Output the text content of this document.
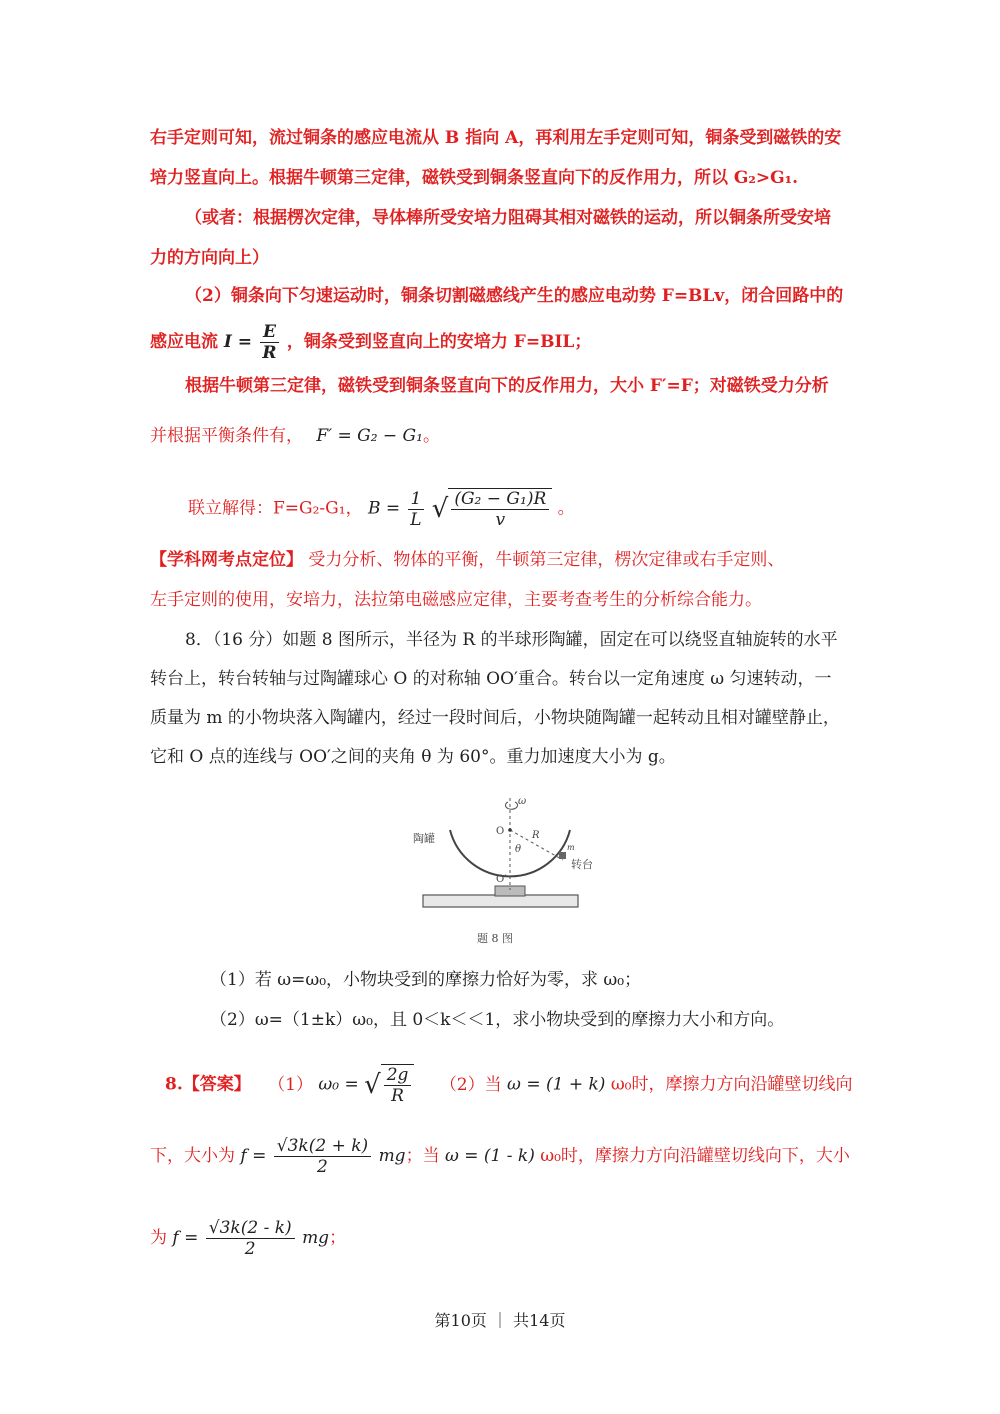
右手定则可知，流过铜条的感应电流从 B 指向 A，再利用左手定则可知，铜条受到磁铁的安
培力竖直向上。根据牛顿第三定律，磁铁受到铜条竖直向下的反作用力，所以 G₂>G₁.
（或者：根据楞次定律，导体棒所受安培力阻碍其相对磁铁的运动，所以铜条所受安培
力的方向向上）
（2）铜条向下匀速运动时，铜条切割磁感线产生的感应电动势 F=BLv，闭合回路中的
感应电流 $I = \frac{E}{R}$ ，铜条受到竖直向上的安培力 F=BIL；
根据牛顿第三定律，磁铁受到铜条竖直向下的反作用力，大小 F′=F；对磁铁受力分析
并根据平衡条件有， F′ = G₂ − G₁。
联立解得：F=G₂-G₁， $B = \frac{1}{L}$ √ $\frac{\text{(G₂ − G₁)R}}{v}$ 。
【学科网考点定位】 受力分析、物体的平衡，牛顿第三定律，楞次定律或右手定则、
左手定则的使用，安培力，法拉第电磁感应定律，主要考查考生的分析综合能力。
8．（16 分）如题 8 图所示，半径为 R 的半球形陶罐，固定在可以绕竖直轴旋转的水平
转台上，转台转轴与过陶罐球心 O 的对称轴 OO′重合。转台以一定角速度 ω 匀速转动，一
质量为 m 的小物块落入陶罐内，经过一段时间后，小物块随陶罐一起转动且相对罐壁静止，
它和 O 点的连线与 OO′之间的夹角 θ 为 60°。重力加速度大小为 g。
ω
O
O′
R
θ	m
陶罐
转台
题 8 图
（1）若 ω=ω₀，小物块受到的摩擦力恰好为零，求 ω₀；
（2）ω=（1±k）ω₀，且 0＜k＜＜1，求小物块受到的摩擦力大小和方向。
8.【答案】 （1） ω₀ = √ $\frac{2g}{R} (2)$当 ω = (1 + k) ω₀时，摩擦力方向沿罐壁切线向
下，大小为 $f = \frac{√3k(2 + k)}{2}$ mg；当 ω = (1 - k) ω₀时，摩擦力方向沿罐壁切线向下，大小
为 $f = \frac{√3k(2 - k)}{2}$ mg；
第10页 ｜ 共14页
